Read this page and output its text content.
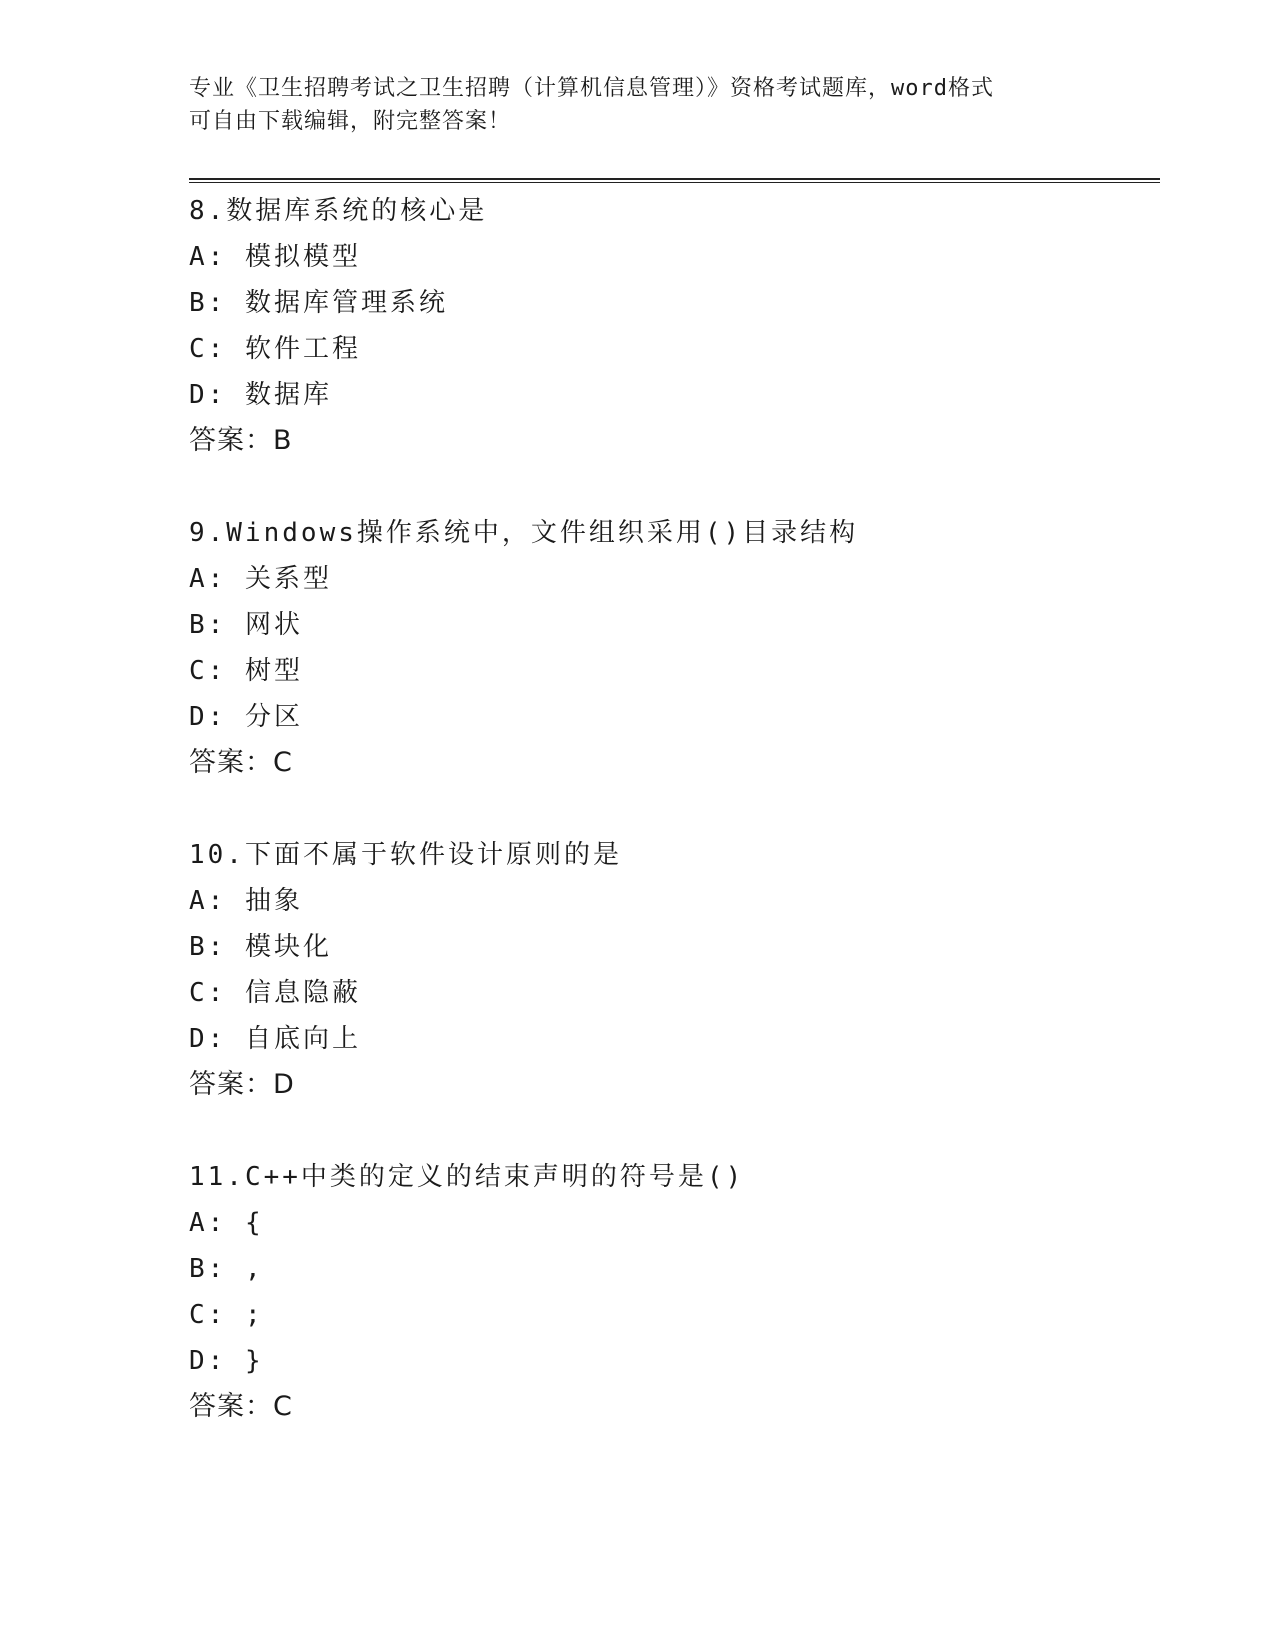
专业《卫生招聘考试之卫生招聘（计算机信息管理）》资格考试题库，word格式
可自由下载编辑，附完整答案！
8.数据库系统的核心是
A: 模拟模型
B: 数据库管理系统
C: 软件工程
D: 数据库
答案：B
9.Windows操作系统中，文件组织采用()目录结构
A: 关系型
B: 网状
C: 树型
D: 分区
答案：C
10.下面不属于软件设计原则的是
A: 抽象
B: 模块化
C: 信息隐蔽
D: 自底向上
答案：D
11.C++中类的定义的结束声明的符号是()
A: {
B: ,
C: ;
D: }
答案：C
